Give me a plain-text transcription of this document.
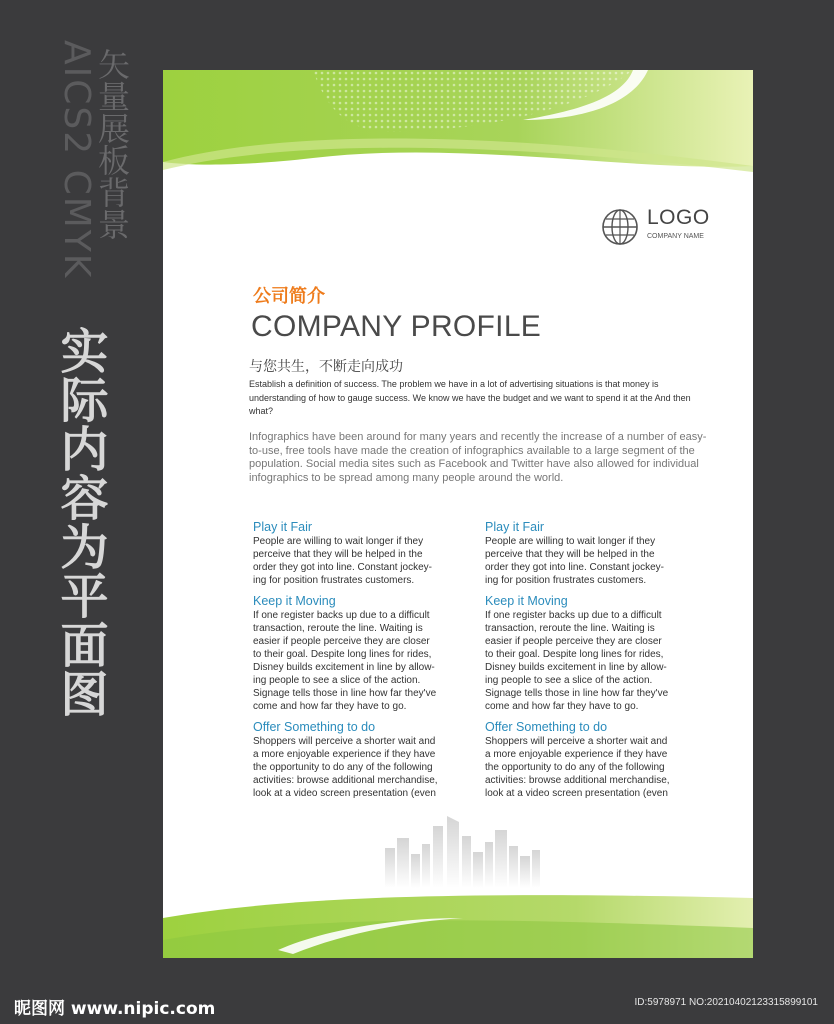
AICS2 CMYK
矢量展板背景
实际内容为平面图
LOGO
COMPANY NAME
公司简介
COMPANY PROFILE
与您共生，不断走向成功
Establish a definition of success. The problem we have in a lot of advertising situations is that money is understanding of how to gauge success. We know we have the budget and we want to spend it at the And then what?
Infographics have been around for many years and recently the increase of a number of easy-to-use, free tools have made the creation of infographics available to a large segment of the population. Social media sites such as Facebook and Twitter have also allowed for individual infographics to be spread among many people around the world.
Play it Fair
People are willing to wait longer if they
perceive that they will be helped in the
order they got into line. Constant jockey-
ing for position frustrates customers.
Keep it Moving
If one register backs up due to a difficult
transaction, reroute the line. Waiting is
easier if people perceive they are closer
to their goal. Despite long lines for rides,
Disney builds excitement in line by allow-
ing people to see a slice of the action.
Signage tells those in line how far they've
come and how far they have to go.
Offer Something to do
Shoppers will perceive a shorter wait and
a more enjoyable experience if they have
the opportunity to do any of the following
activities: browse additional merchandise,
look at a video screen presentation (even
Play it Fair
People are willing to wait longer if they
perceive that they will be helped in the
order they got into line. Constant jockey-
ing for position frustrates customers.
Keep it Moving
If one register backs up due to a difficult
transaction, reroute the line. Waiting is
easier if people perceive they are closer
to their goal. Despite long lines for rides,
Disney builds excitement in line by allow-
ing people to see a slice of the action.
Signage tells those in line how far they've
come and how far they have to go.
Offer Something to do
Shoppers will perceive a shorter wait and
a more enjoyable experience if they have
the opportunity to do any of the following
activities: browse additional merchandise,
look at a video screen presentation (even
昵图网 www.nipic.com	ID:5978971 NO:20210402123315899101
